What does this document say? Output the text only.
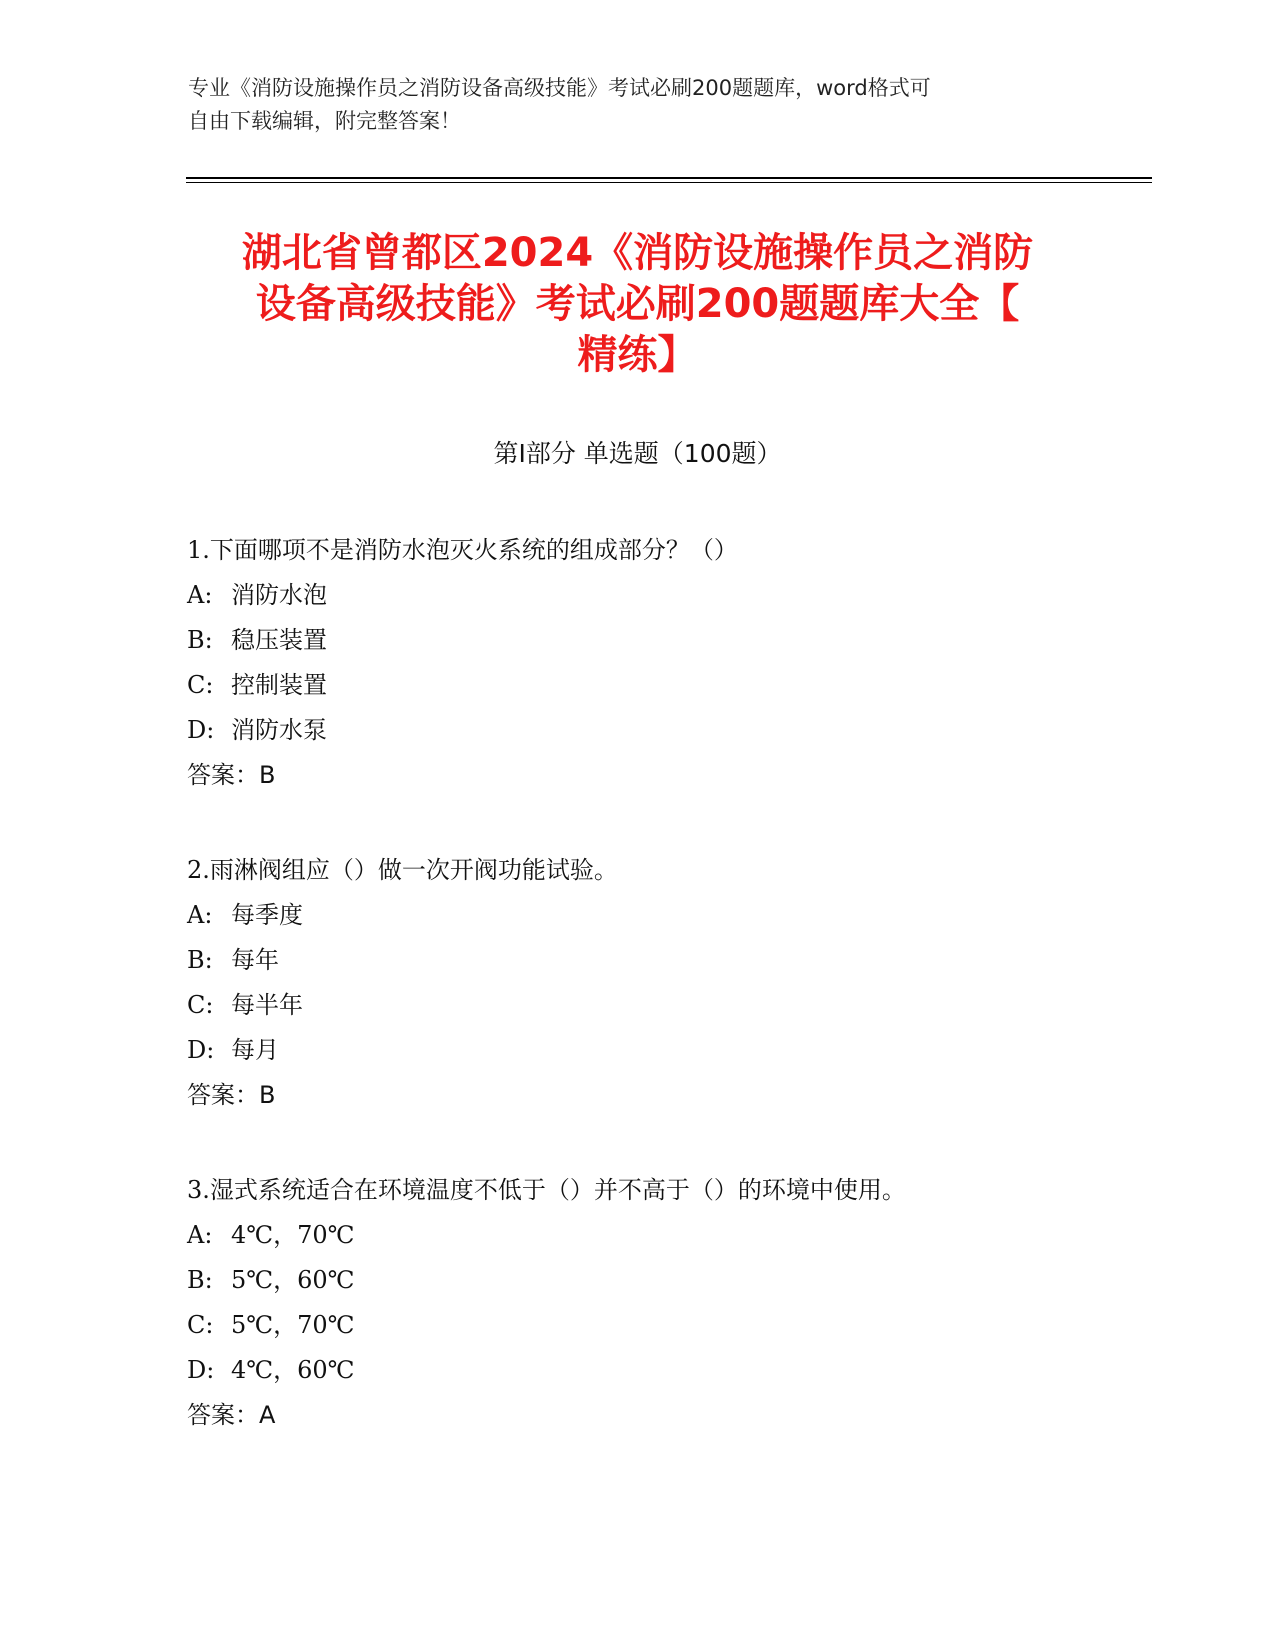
专业《消防设施操作员之消防设备高级技能》考试必刷200题题库，word格式可
自由下载编辑，附完整答案！
湖北省曾都区2024《消防设施操作员之消防
设备高级技能》考试必刷200题题库大全【
精练】
第Ⅰ部分 单选题（100题）
1.下面哪项不是消防水泡灭火系统的组成部分？（）
A: 消防水泡
B: 稳压装置
C: 控制装置
D: 消防水泵
答案：B
2.雨淋阀组应（）做一次开阀功能试验。
A: 每季度
B: 每年
C: 每半年
D: 每月
答案：B
3.湿式系统适合在环境温度不低于（）并不高于（）的环境中使用。
A: 4℃，70℃
B: 5℃，60℃
C: 5℃，70℃
D: 4℃，60℃
答案：A
